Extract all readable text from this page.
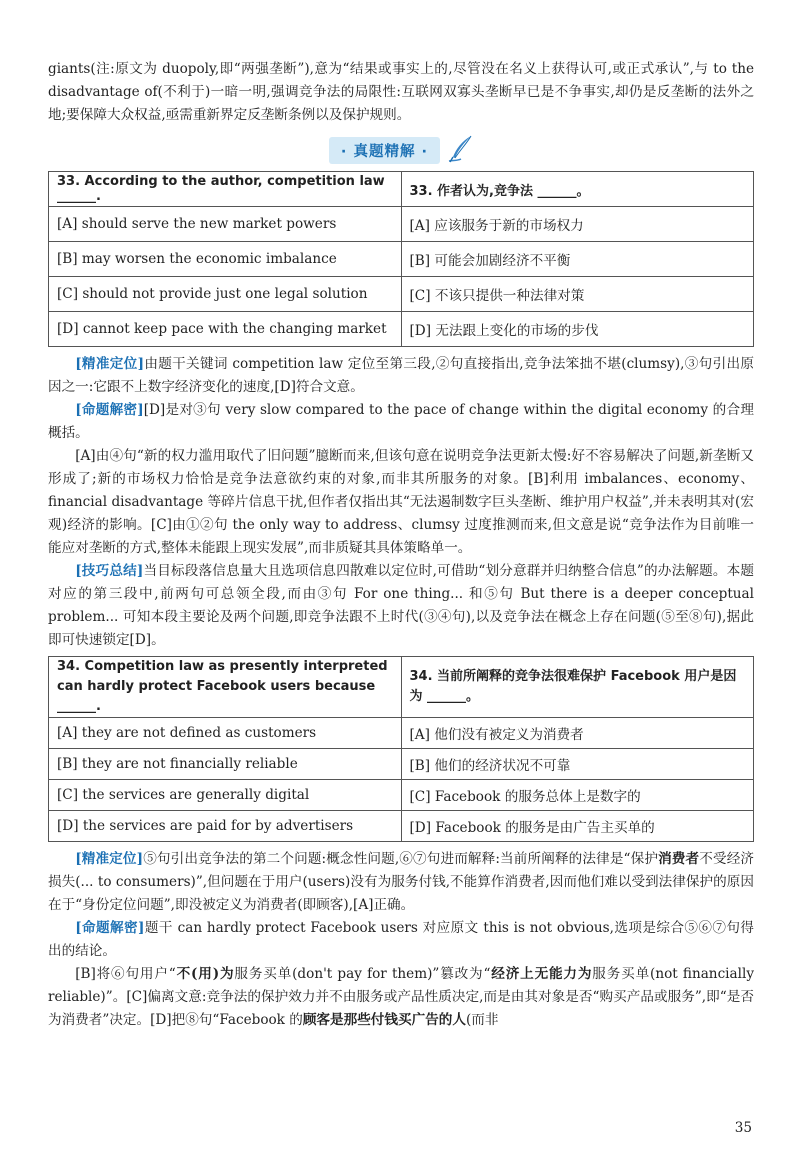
giants(注:原文为 duopoly,即“两强垄断”),意为“结果或事实上的,尽管没在名义上获得认可,或正式承认”,与 to the disadvantage of(不利于)一暗一明,强调竞争法的局限性:互联网双寡头垄断早已是不争事实,却仍是反垄断的法外之地;要保障大众权益,亟需重新界定反垄断条例以及保护规则。

· 真题精解 ·
33. According to the author, competition law ______.	33. 作者认为,竞争法 ______。
[A] should serve the new market powers	[A] 应该服务于新的市场权力
[B] may worsen the economic imbalance	[B] 可能会加剧经济不平衡
[C] should not provide just one legal solution	[C] 不该只提供一种法律对策
[D] cannot keep pace with the changing market	[D] 无法跟上变化的市场的步伐

[精准定位]由题干关键词 competition law 定位至第三段,②句直接指出,竞争法笨拙不堪(clumsy),③句引出原因之一:它跟不上数字经济变化的速度,[D]符合文意。

[命题解密][D]是对③句 very slow compared to the pace of change within the digital economy 的合理概括。

[A]由④句“新的权力滥用取代了旧问题”臆断而来,但该句意在说明竞争法更新太慢:好不容易解决了问题,新垄断又形成了;新的市场权力恰恰是竞争法意欲约束的对象,而非其所服务的对象。[B]利用 imbalances、economy、financial disadvantage 等碎片信息干扰,但作者仅指出其“无法遏制数字巨头垄断、维护用户权益”,并未表明其对(宏观)经济的影响。[C]由①②句 the only way to address、clumsy 过度推测而来,但文意是说“竞争法作为目前唯一能应对垄断的方式,整体未能跟上现实发展”,而非质疑其具体策略单一。

[技巧总结]当目标段落信息量大且选项信息四散难以定位时,可借助“划分意群并归纳整合信息”的办法解题。本题对应的第三段中,前两句可总领全段,而由③句 For one thing... 和⑤句 But there is a deeper conceptual problem... 可知本段主要论及两个问题,即竞争法跟不上时代(③④句),以及竞争法在概念上存在问题(⑤至⑧句),据此即可快速锁定[D]。

34. Competition law as presently interpreted can hardly protect Facebook users because ______.	34. 当前所阐释的竞争法很难保护 Facebook 用户是因为 ______。
[A] they are not defined as customers	[A] 他们没有被定义为消费者
[B] they are not financially reliable	[B] 他们的经济状况不可靠
[C] the services are generally digital	[C] Facebook 的服务总体上是数字的
[D] the services are paid for by advertisers	[D] Facebook 的服务是由广告主买单的

[精准定位]⑤句引出竞争法的第二个问题:概念性问题,⑥⑦句进而解释:当前所阐释的法律是“保护消费者不受经济损失(... to consumers)”,但问题在于用户(users)没有为服务付钱,不能算作消费者,因而他们难以受到法律保护的原因在于“身份定位问题”,即没被定义为消费者(即顾客),[A]正确。

[命题解密]题干 can hardly protect Facebook users 对应原文 this is not obvious,选项是综合⑤⑥⑦句得出的结论。

[B]将⑥句用户“不(用)为服务买单(don't pay for them)”篡改为“经济上无能力为服务买单(not financially reliable)”。[C]偏离文意:竞争法的保护效力并不由服务或产品性质决定,而是由其对象是否“购买产品或服务”,即“是否为消费者”决定。[D]把⑧句“Facebook 的顾客是那些付钱买广告的人(而非

35
